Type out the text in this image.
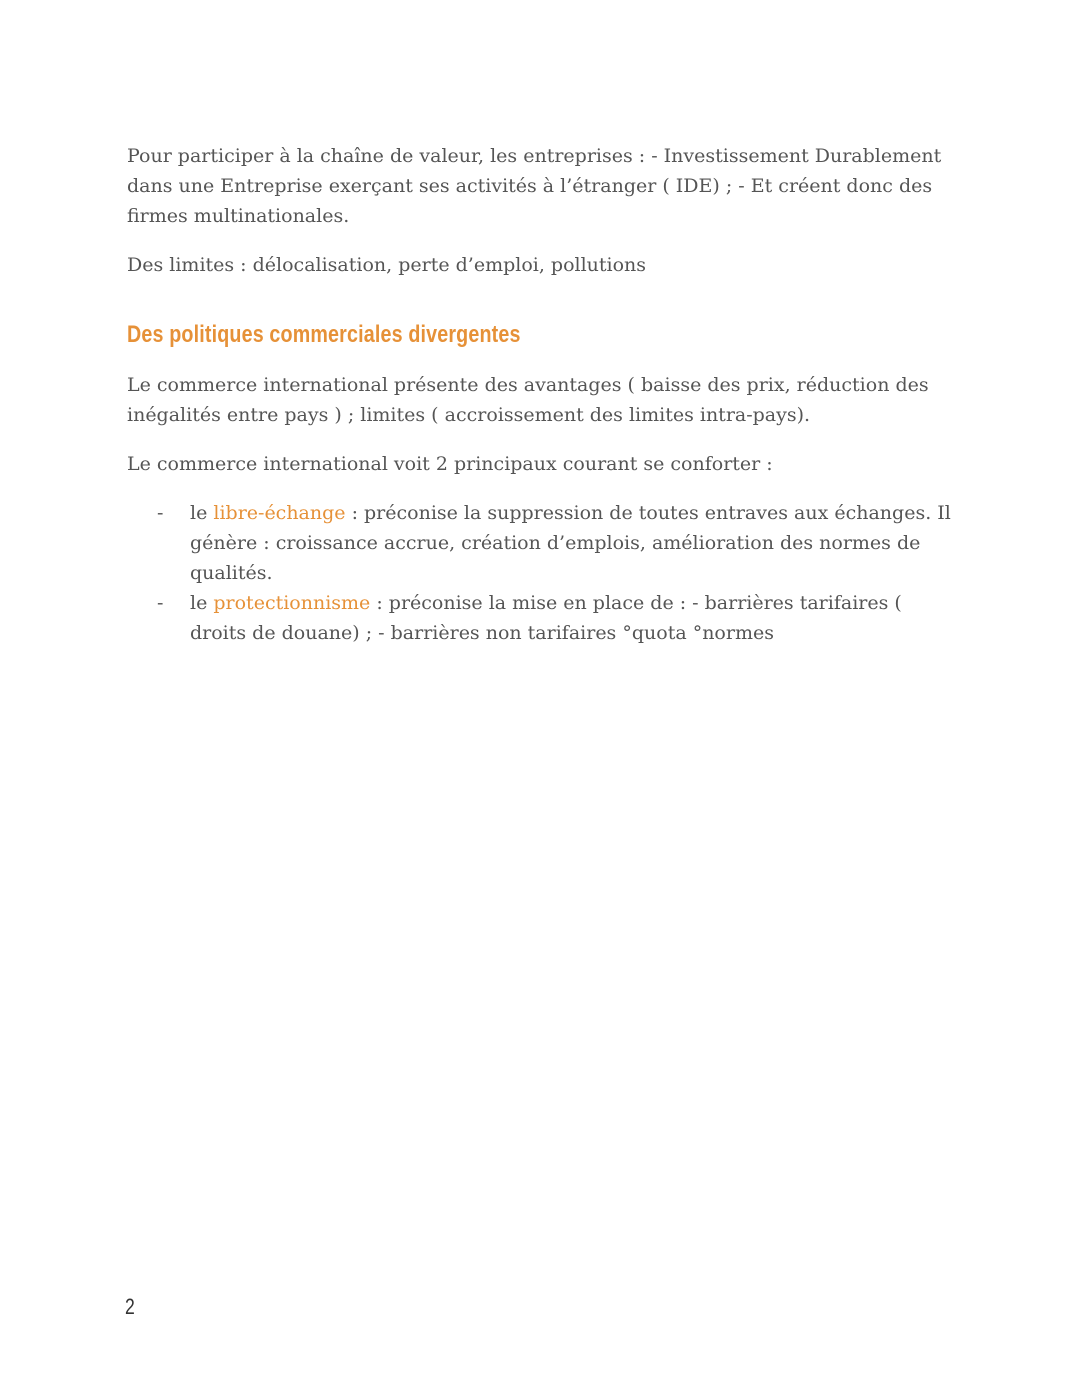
Pour participer à la chaîne de valeur, les entreprises : - Investissement Durablement dans une Entreprise exerçant ses activités à l’étranger ( IDE) ; - Et créent donc des firmes multinationales.

Des limites : délocalisation, perte d’emploi, pollutions

Des politiques commerciales divergentes

Le commerce international présente des avantages ( baisse des prix, réduction des inégalités entre pays ) ; limites ( accroissement des limites intra-pays).

Le commerce international voit 2 principaux courant se conforter :

- le libre-échange : préconise la suppression de toutes entraves aux échanges. Il génère : croissance accrue, création d’emplois, amélioration des normes de qualités.
- le protectionnisme : préconise la mise en place de : - barrières tarifaires ( droits de douane) ; - barrières non tarifaires °quota °normes
2
